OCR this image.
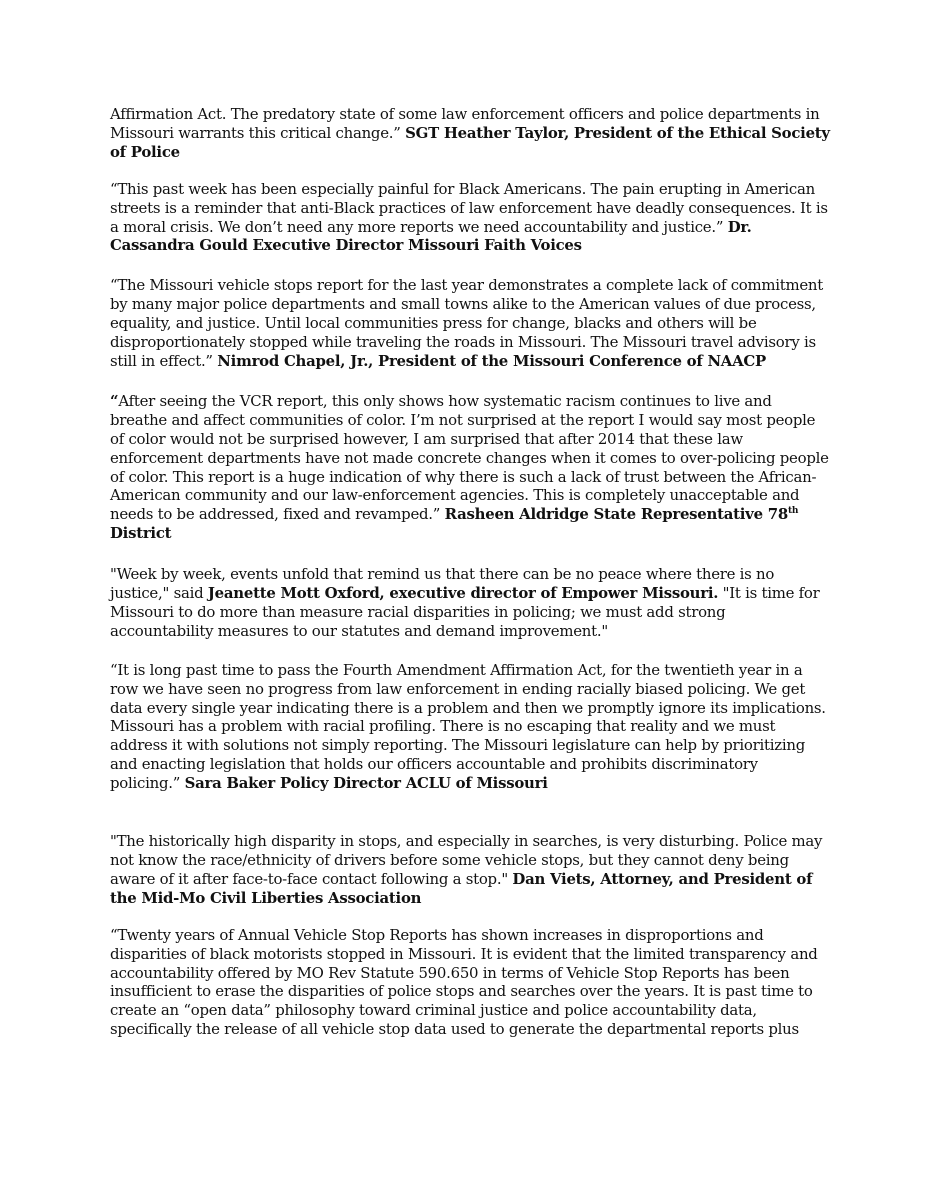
Affirmation Act. The predatory state of some law enforcement officers and police departments in Missouri warrants this critical change.” SGT Heather Taylor, President of the Ethical Society of Police

“This past week has been especially painful for Black Americans. The pain erupting in American streets is a reminder that anti-Black practices of law enforcement have deadly consequences. It is a moral crisis. We don’t need any more reports we need accountability and justice.” Dr. Cassandra Gould Executive Director Missouri Faith Voices

“The Missouri vehicle stops report for the last year demonstrates a complete lack of commitment by many major police departments and small towns alike to the American values of due process, equality, and justice. Until local communities press for change, blacks and others will be disproportionately stopped while traveling the roads in Missouri. The Missouri travel advisory is still in effect.” Nimrod Chapel, Jr., President of the Missouri Conference of NAACP

“After seeing the VCR report, this only shows how systematic racism continues to live and breathe and affect communities of color. I’m not surprised at the report I would say most people of color would not be surprised however, I am surprised that after 2014 that these law enforcement departments have not made concrete changes when it comes to over-policing people of color. This report is a huge indication of why there is such a lack of trust between the African-American community and our law-enforcement agencies. This is completely unacceptable and needs to be addressed, fixed and revamped.” Rasheen Aldridge State Representative 78th District

"Week by week, events unfold that remind us that there can be no peace where there is no justice," said Jeanette Mott Oxford, executive director of Empower Missouri. "It is time for Missouri to do more than measure racial disparities in policing; we must add strong accountability measures to our statutes and demand improvement."

“It is long past time to pass the Fourth Amendment Affirmation Act, for the twentieth year in a row we have seen no progress from law enforcement in ending racially biased policing. We get data every single year indicating there is a problem and then we promptly ignore its implications. Missouri has a problem with racial profiling. There is no escaping that reality and we must address it with solutions not simply reporting. The Missouri legislature can help by prioritizing and enacting legislation that holds our officers accountable and prohibits discriminatory policing.” Sara Baker Policy Director ACLU of Missouri

"The historically high disparity in stops, and especially in searches, is very disturbing. Police may not know the race/ethnicity of drivers before some vehicle stops, but they cannot deny being aware of it after face-to-face contact following a stop." Dan Viets, Attorney, and President of the Mid-Mo Civil Liberties Association

“Twenty years of Annual Vehicle Stop Reports has shown increases in disproportions and disparities of black motorists stopped in Missouri. It is evident that the limited transparency and accountability offered by MO Rev Statute 590.650 in terms of Vehicle Stop Reports has been insufficient to erase the disparities of police stops and searches over the years. It is past time to create an “open data” philosophy toward criminal justice and police accountability data, specifically the release of all vehicle stop data used to generate the departmental reports plus
